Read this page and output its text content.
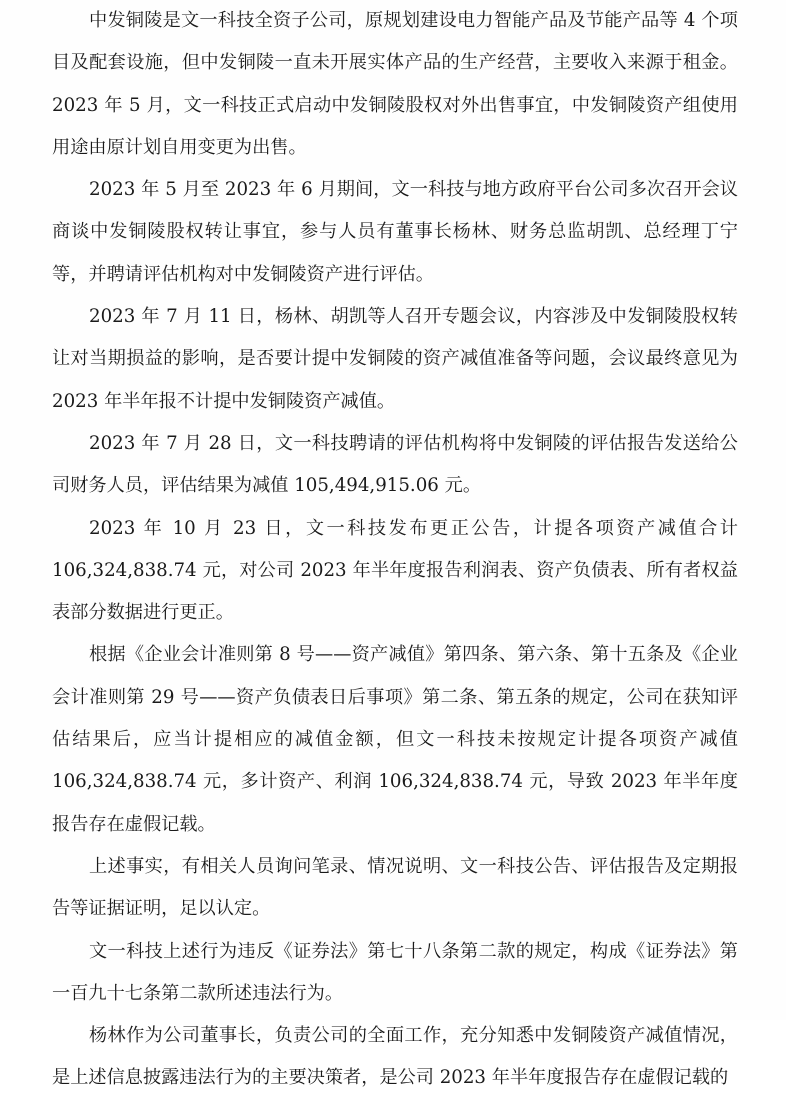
中发铜陵是文一科技全资子公司，原规划建设电力智能产品及节能产品等 4 个项目及配套设施，但中发铜陵一直未开展实体产品的生产经营，主要收入来源于租金。2023 年 5 月，文一科技正式启动中发铜陵股权对外出售事宜，中发铜陵资产组使用用途由原计划自用变更为出售。

2023 年 5 月至 2023 年 6 月期间，文一科技与地方政府平台公司多次召开会议商谈中发铜陵股权转让事宜，参与人员有董事长杨林、财务总监胡凯、总经理丁宁等，并聘请评估机构对中发铜陵资产进行评估。

2023 年 7 月 11 日，杨林、胡凯等人召开专题会议，内容涉及中发铜陵股权转让对当期损益的影响，是否要计提中发铜陵的资产减值准备等问题，会议最终意见为 2023 年半年报不计提中发铜陵资产减值。

2023 年 7 月 28 日，文一科技聘请的评估机构将中发铜陵的评估报告发送给公司财务人员，评估结果为减值 105,494,915.06 元。

2023 年 10 月 23 日，文一科技发布更正公告，计提各项资产减值合计 106,324,838.74 元，对公司 2023 年半年度报告利润表、资产负债表、所有者权益表部分数据进行更正。

根据《企业会计准则第 8 号——资产减值》第四条、第六条、第十五条及《企业会计准则第 29 号——资产负债表日后事项》第二条、第五条的规定，公司在获知评估结果后，应当计提相应的减值金额，但文一科技未按规定计提各项资产减值 106,324,838.74 元，多计资产、利润 106,324,838.74 元，导致 2023 年半年度报告存在虚假记载。

上述事实，有相关人员询问笔录、情况说明、文一科技公告、评估报告及定期报告等证据证明，足以认定。

文一科技上述行为违反《证券法》第七十八条第二款的规定，构成《证券法》第一百九十七条第二款所述违法行为。

杨林作为公司董事长，负责公司的全面工作，充分知悉中发铜陵资产减值情况，是上述信息披露违法行为的主要决策者，是公司 2023 年半年度报告存在虚假记载的
